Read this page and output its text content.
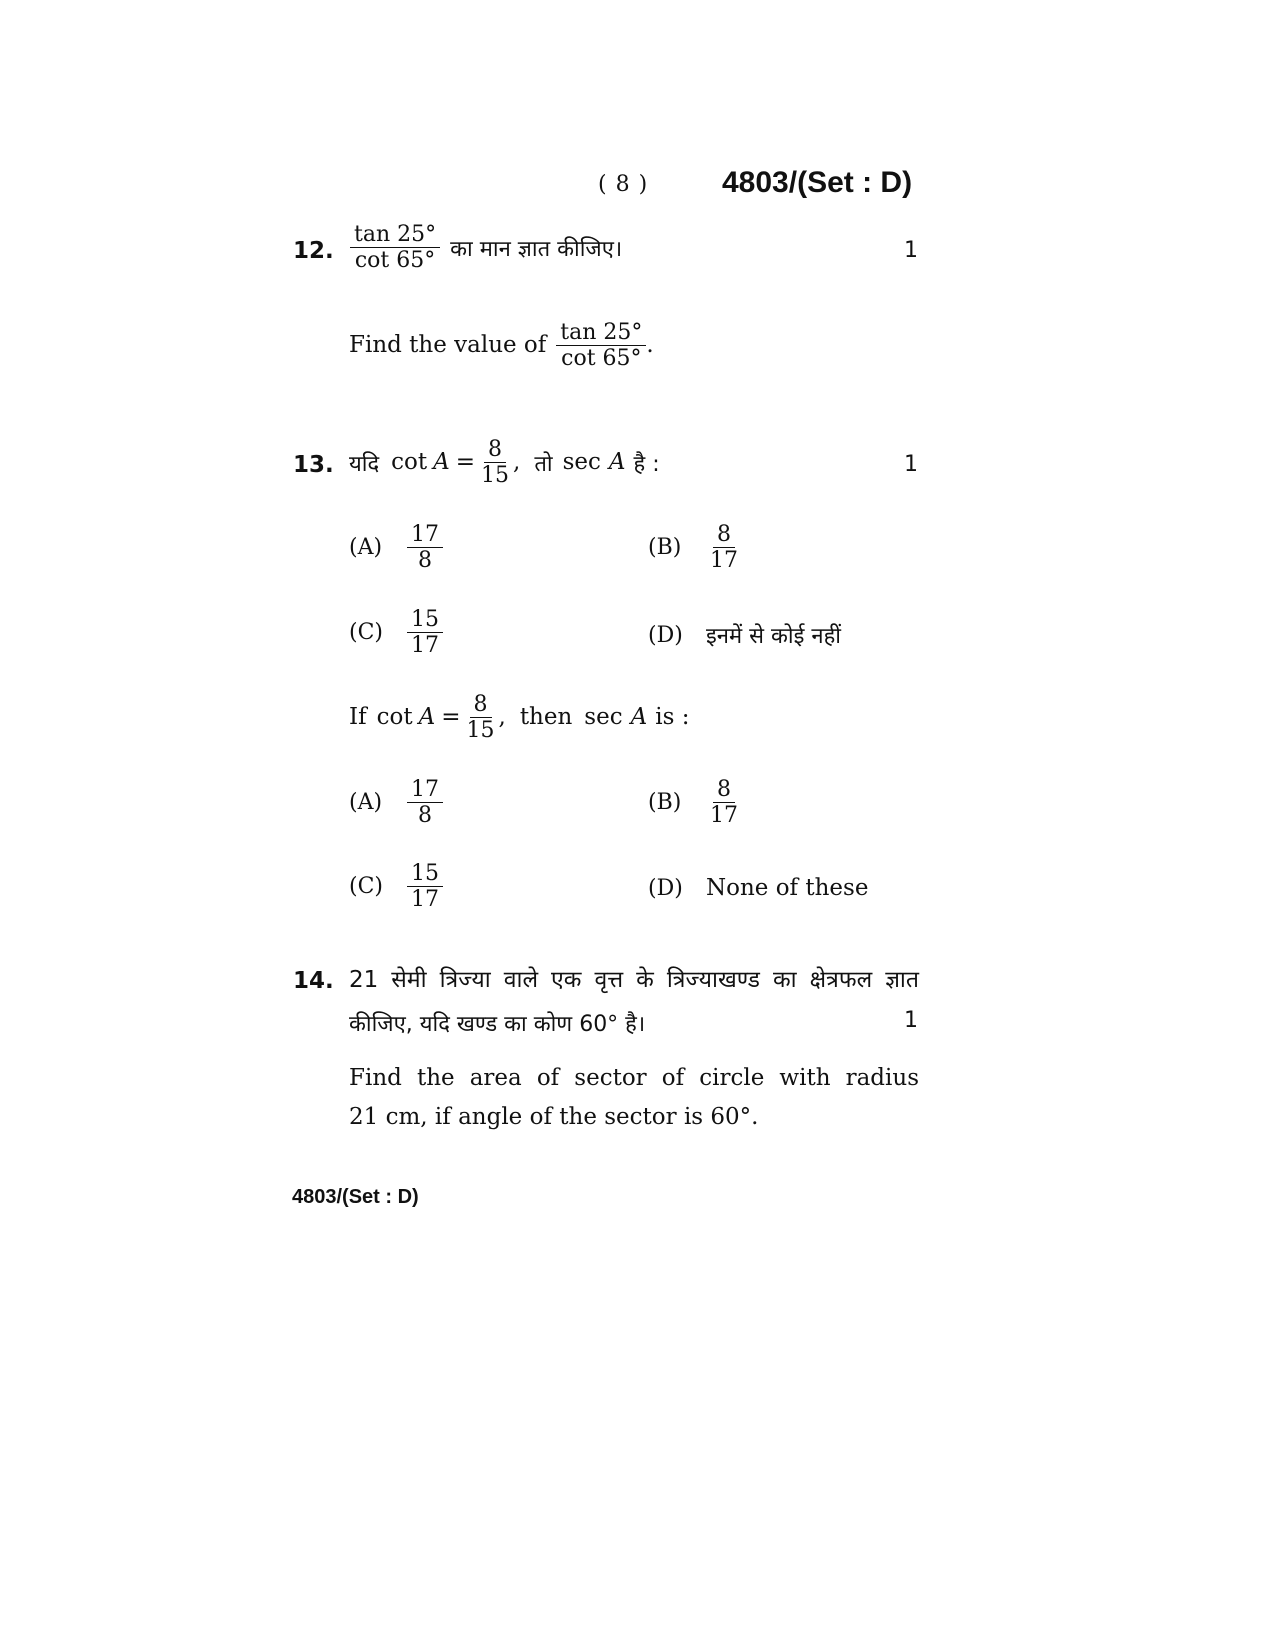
( 8 ) 4803/(Set : D)
12. $\frac{\tan 25^\circ}{\cot 65^\circ}$ का मान ज्ञात कीजिए।	1
Find the value of $\frac{\tan 25^\circ}{\cot 65^\circ}$ .
13. यदि $\cot A = \frac{8}{15}$ , तो sec A है :	1
(A)	$\frac{17}{8}$	(B)	$\frac{8}{17}$
(C)	$\frac{15}{17}$	(D)	इनमें से कोई नहीं
If $\cot A = \frac{8}{15}$ , then sec A is :
(A)	$\frac{17}{8}$	(B)	$\frac{8}{17}$
(C)	$\frac{15}{17}$	(D)	None of these
14. 21 सेमी त्रिज्या वाले एक वृत्त के त्रिज्याखण्ड का क्षेत्रफल ज्ञात
कीजिए, यदि खण्ड का कोण 60° है।	1
Find the area of sector of circle with radius
21 cm, if angle of the sector is 60°.
4803/(Set : D)
